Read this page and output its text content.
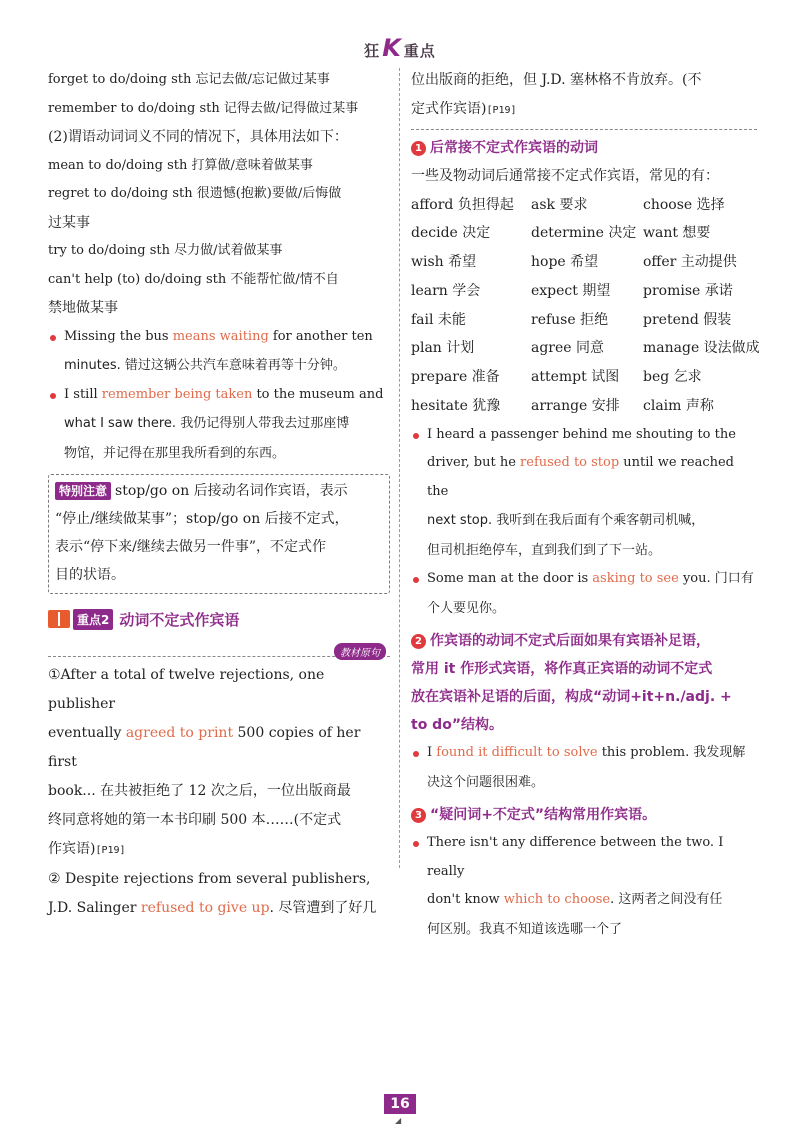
狂K 重点

forget to do/doing sth 忘记去做/忘记做过某事

remember to do/doing sth 记得去做/记得做过某事

(2)谓语动词词义不同的情况下，具体用法如下：

mean to do/doing sth 打算做/意味着做某事

regret to do/doing sth 很遗憾(抱歉)要做/后悔做

过某事

try to do/doing sth 尽力做/试着做某事

can't help (to) do/doing sth 不能帮忙做/情不自

禁地做某事

Missing the bus means waiting for another ten

minutes. 错过这辆公共汽车意味着再等十分钟。

I still remember being taken to the museum and

what I saw there. 我仍记得别人带我去过那座博

物馆，并记得在那里我所看到的东西。

特别注意 stop/go on 后接动名词作宾语，表示
“停止/继续做某事”；stop/go on 后接不定式，
表示“停下来/继续去做另一件事”，不定式作
目的状语。
重点2 动词不定式作宾语
教材原句

①After a total of twelve rejections, one publisher

eventually agreed to print 500 copies of her first

book... 在共被拒绝了 12 次之后，一位出版商最

终同意将她的第一本书印刷 500 本……(不定式

作宾语)[P19]

② Despite rejections from several publishers,

J.D. Salinger refused to give up. 尽管遭到了好几

位出版商的拒绝，但 J.D. 塞林格不肯放弃。(不

定式作宾语)[P19]

1 后常接不定式作宾语的动词

一些及物动词后通常接不定式作宾语，常见的有：

afford 负担得起	ask 要求	choose 选择
decide 决定	determine 决定 want 想要
wish 希望	hope 希望	offer 主动提供
learn 学会	expect 期望	promise 承诺
fail 未能	refuse 拒绝	pretend 假装
plan 计划	agree 同意	manage 设法做成
prepare 准备	attempt 试图	beg 乞求
hesitate 犹豫	arrange 安排	claim 声称

I heard a passenger behind me shouting to the

driver, but he refused to stop until we reached the

next stop. 我听到在我后面有个乘客朝司机喊，

但司机拒绝停车，直到我们到了下一站。

Some man at the door is asking to see you. 门口有

个人要见你。

2 作宾语的动词不定式后面如果有宾语补足语，

常用 it 作形式宾语，将作真正宾语的动词不定式

放在宾语补足语的后面，构成“动词+it+n./adj. +

to do”结构。

I found it difficult to solve this problem. 我发现解

决这个问题很困难。

3 “疑问词+不定式”结构常用作宾语。

There isn't any difference between the two. I really

don't know which to choose. 这两者之间没有任

何区别。我真不知道该选哪一个了

16
◢
